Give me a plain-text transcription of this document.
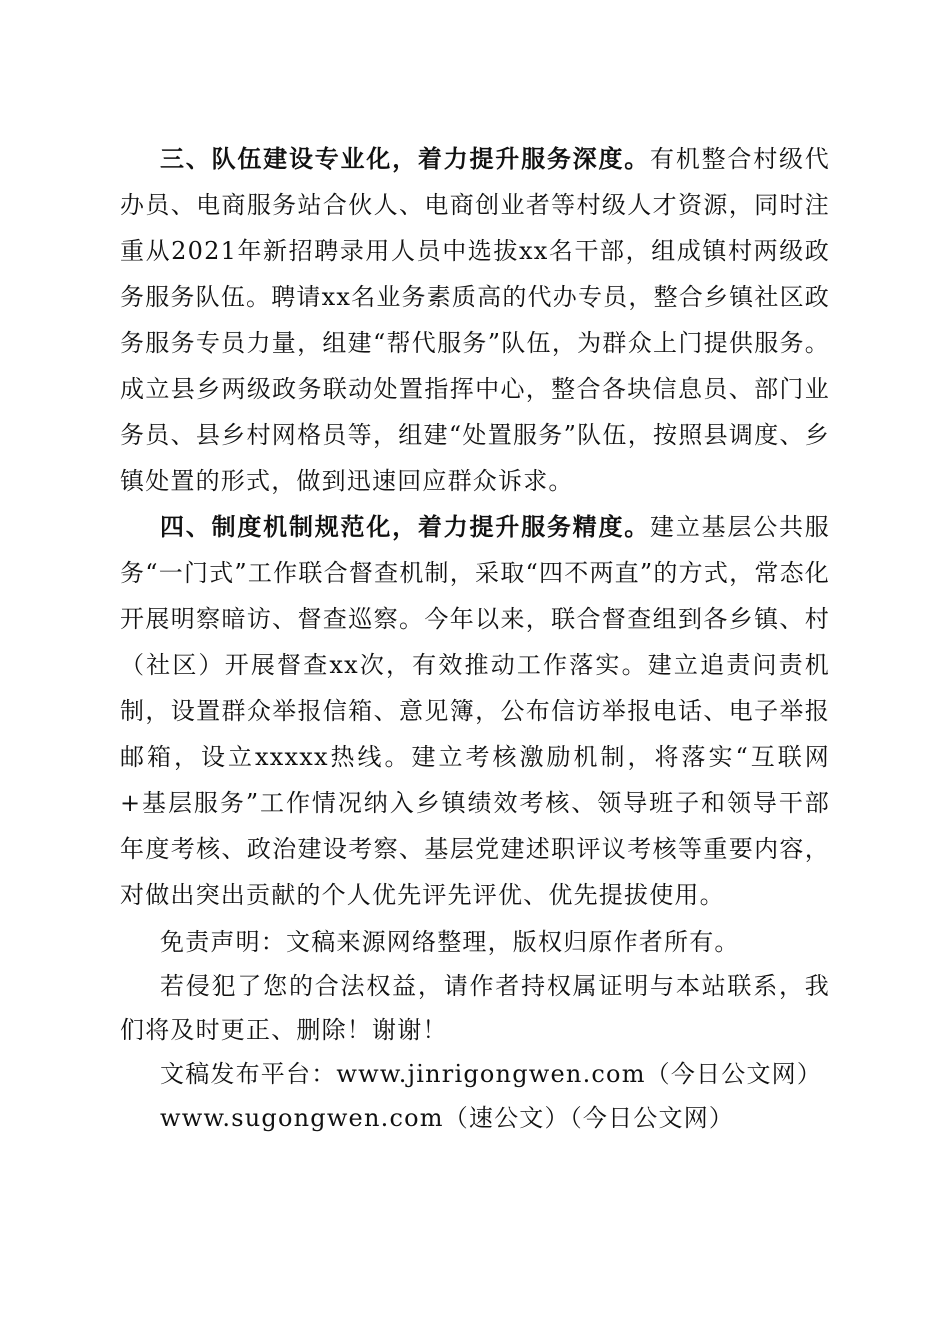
三、队伍建设专业化，着力提升服务深度。有机整合村级代办员、电商服务站合伙人、电商创业者等村级人才资源，同时注重从2021年新招聘录用人员中选拔xx名干部，组成镇村两级政务服务队伍。聘请xx名业务素质高的代办专员，整合乡镇社区政务服务专员力量，组建“帮代服务”队伍，为群众上门提供服务。成立县乡两级政务联动处置指挥中心，整合各块信息员、部门业务员、县乡村网格员等，组建“处置服务”队伍，按照县调度、乡镇处置的形式，做到迅速回应群众诉求。

四、制度机制规范化，着力提升服务精度。建立基层公共服务“一门式”工作联合督查机制，采取“四不两直”的方式，常态化开展明察暗访、督查巡察。今年以来，联合督查组到各乡镇、村（社区）开展督查xx次，有效推动工作落实。建立追责问责机制，设置群众举报信箱、意见簿，公布信访举报电话、电子举报邮箱，设立xxxxx热线。建立考核激励机制，将落实“互联网+基层服务”工作情况纳入乡镇绩效考核、领导班子和领导干部年度考核、政治建设考察、基层党建述职评议考核等重要内容，对做出突出贡献的个人优先评先评优、优先提拔使用。

免责声明：文稿来源网络整理，版权归原作者所有。

若侵犯了您的合法权益，请作者持权属证明与本站联系，我们将及时更正、删除！谢谢！

文稿发布平台：www.jinrigongwen.com（今日公文网）

www.sugongwen.com（速公文）（今日公文网）
